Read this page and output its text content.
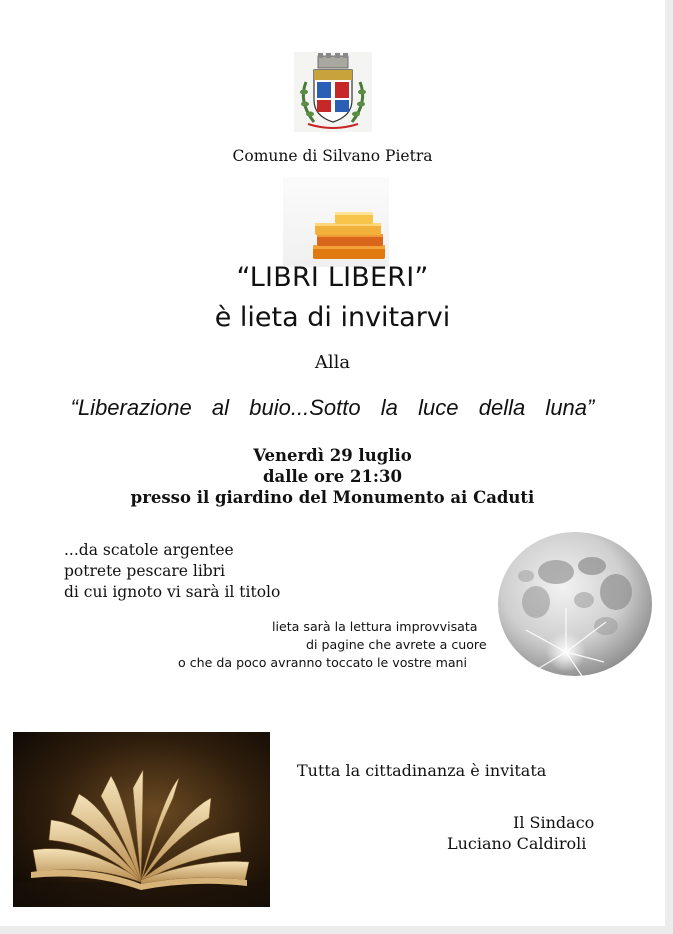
Comune di Silvano Pietra
“LIBRI LIBERI”
è lieta di invitarvi
Alla
“Liberazione  al  buio...Sotto  la  luce  della  luna”
Venerdì 29 luglio
dalle ore 21:30
presso il giardino del Monumento ai Caduti
...da scatole argentee
potrete pescare libri
di cui ignoto vi sarà il titolo
lieta sarà la lettura improvvisata
di pagine che avrete a cuore
o che da poco avranno toccato le vostre mani
Tutta la cittadinanza è invitata
Il Sindaco
Luciano Caldiroli
